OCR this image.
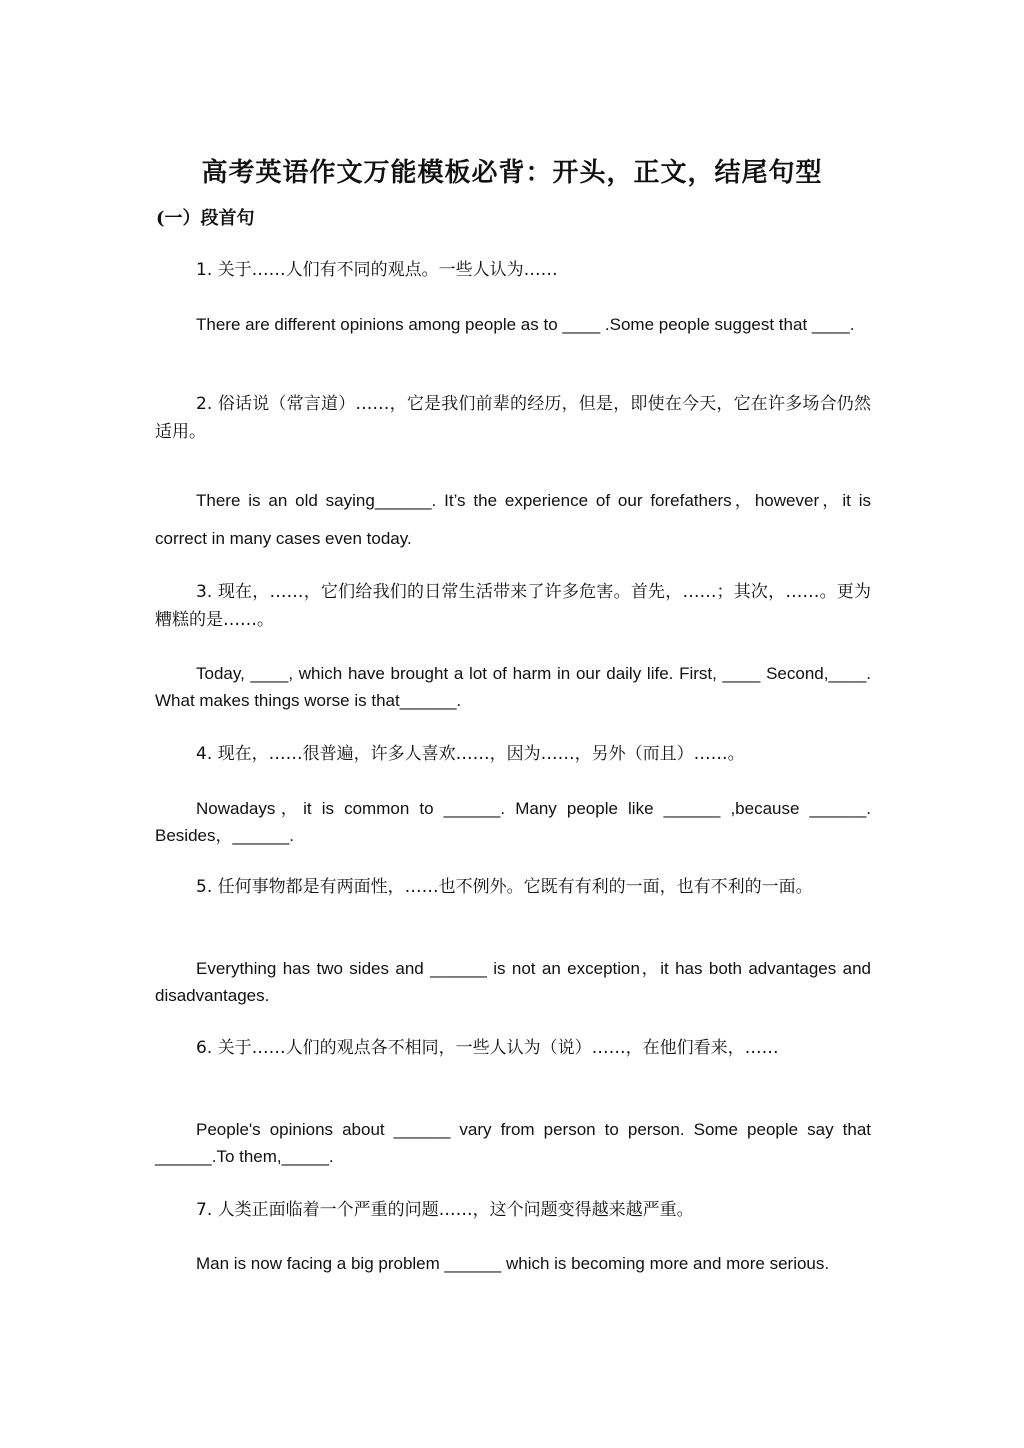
高考英语作文万能模板必背：开头，正文，结尾句型
(一）段首句

1. 关于……人们有不同的观点。一些人认为……

There are different opinions among people as to ____ .Some people suggest that ____.

2. 俗话说（常言道）……，它是我们前辈的经历，但是，即使在今天，它在许多场合仍然适用。

There is an old saying______. It’s the experience of our forefathers，however，it is correct in many cases even today.

3. 现在，……，它们给我们的日常生活带来了许多危害。首先，……；其次，……。更为糟糕的是……。

Today, ____, which have brought a lot of harm in our daily life. First, ____ Second,____. What makes things worse is that______.

4. 现在，……很普遍，许多人喜欢……，因为……，另外（而且）……。

Nowadays，it is common to ______. Many people like ______ ,because ______. Besides，______.

5. 任何事物都是有两面性，……也不例外。它既有有利的一面，也有不利的一面。

Everything has two sides and ______ is not an exception，it has both advantages and disadvantages.

6. 关于……人们的观点各不相同，一些人认为（说）……，在他们看来，……

People's opinions about ______ vary from person to person. Some people say that ______.To them,_____.

7. 人类正面临着一个严重的问题……，这个问题变得越来越严重。

Man is now facing a big problem ______ which is becoming more and more serious.
